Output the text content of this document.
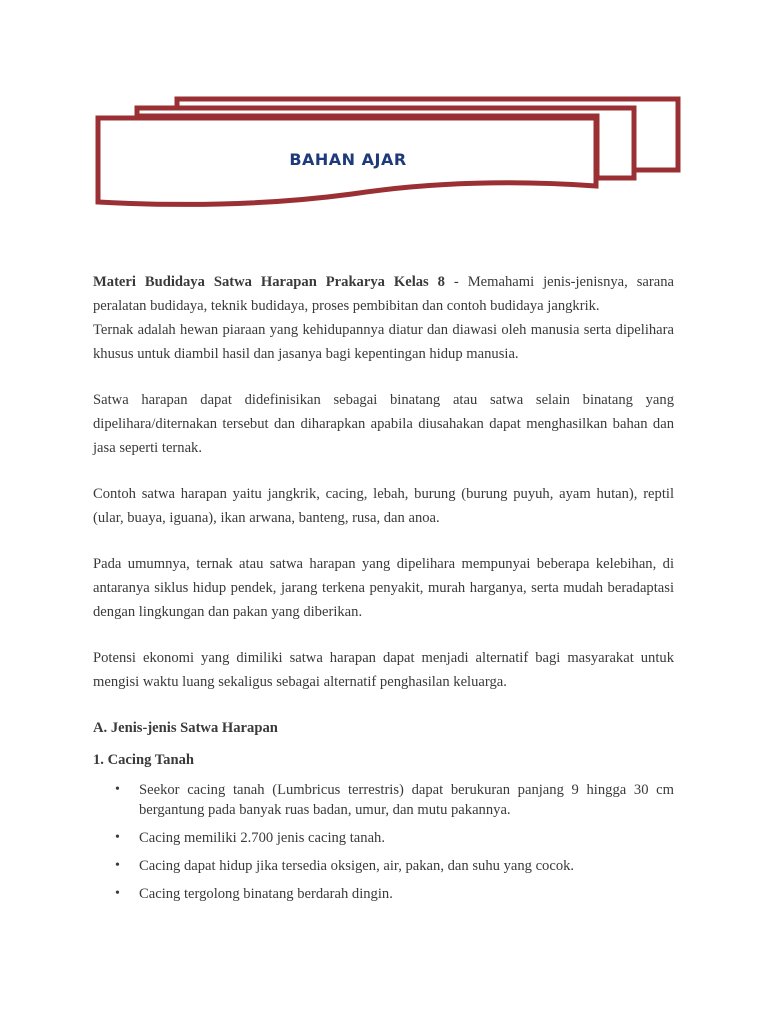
BAHAN AJAR

Materi Budidaya Satwa Harapan Prakarya Kelas 8 - Memahami jenis-jenisnya, sarana peralatan budidaya, teknik budidaya, proses pembibitan dan contoh budidaya jangkrik.

Ternak adalah hewan piaraan yang kehidupannya diatur dan diawasi oleh manusia serta dipelihara khusus untuk diambil hasil dan jasanya bagi kepentingan hidup manusia.

Satwa harapan dapat didefinisikan sebagai binatang atau satwa selain binatang yang dipelihara/diternakan tersebut dan diharapkan apabila diusahakan dapat menghasilkan bahan dan jasa seperti ternak.

Contoh satwa harapan yaitu jangkrik, cacing, lebah, burung (burung puyuh, ayam hutan), reptil (ular, buaya, iguana), ikan arwana, banteng, rusa, dan anoa.

Pada umumnya, ternak atau satwa harapan yang dipelihara mempunyai beberapa kelebihan, di antaranya siklus hidup pendek, jarang terkena penyakit, murah harganya, serta mudah beradaptasi dengan lingkungan dan pakan yang diberikan.

Potensi ekonomi yang dimiliki satwa harapan dapat menjadi alternatif bagi masyarakat untuk mengisi waktu luang sekaligus sebagai alternatif penghasilan keluarga.

A. Jenis-jenis Satwa Harapan
1. Cacing Tanah
• Seekor cacing tanah (Lumbricus terrestris) dapat berukuran panjang 9 hingga 30 cm bergantung pada banyak ruas badan, umur, dan mutu pakannya.
• Cacing memiliki 2.700 jenis cacing tanah.
• Cacing dapat hidup jika tersedia oksigen, air, pakan, dan suhu yang cocok.
• Cacing tergolong binatang berdarah dingin.
